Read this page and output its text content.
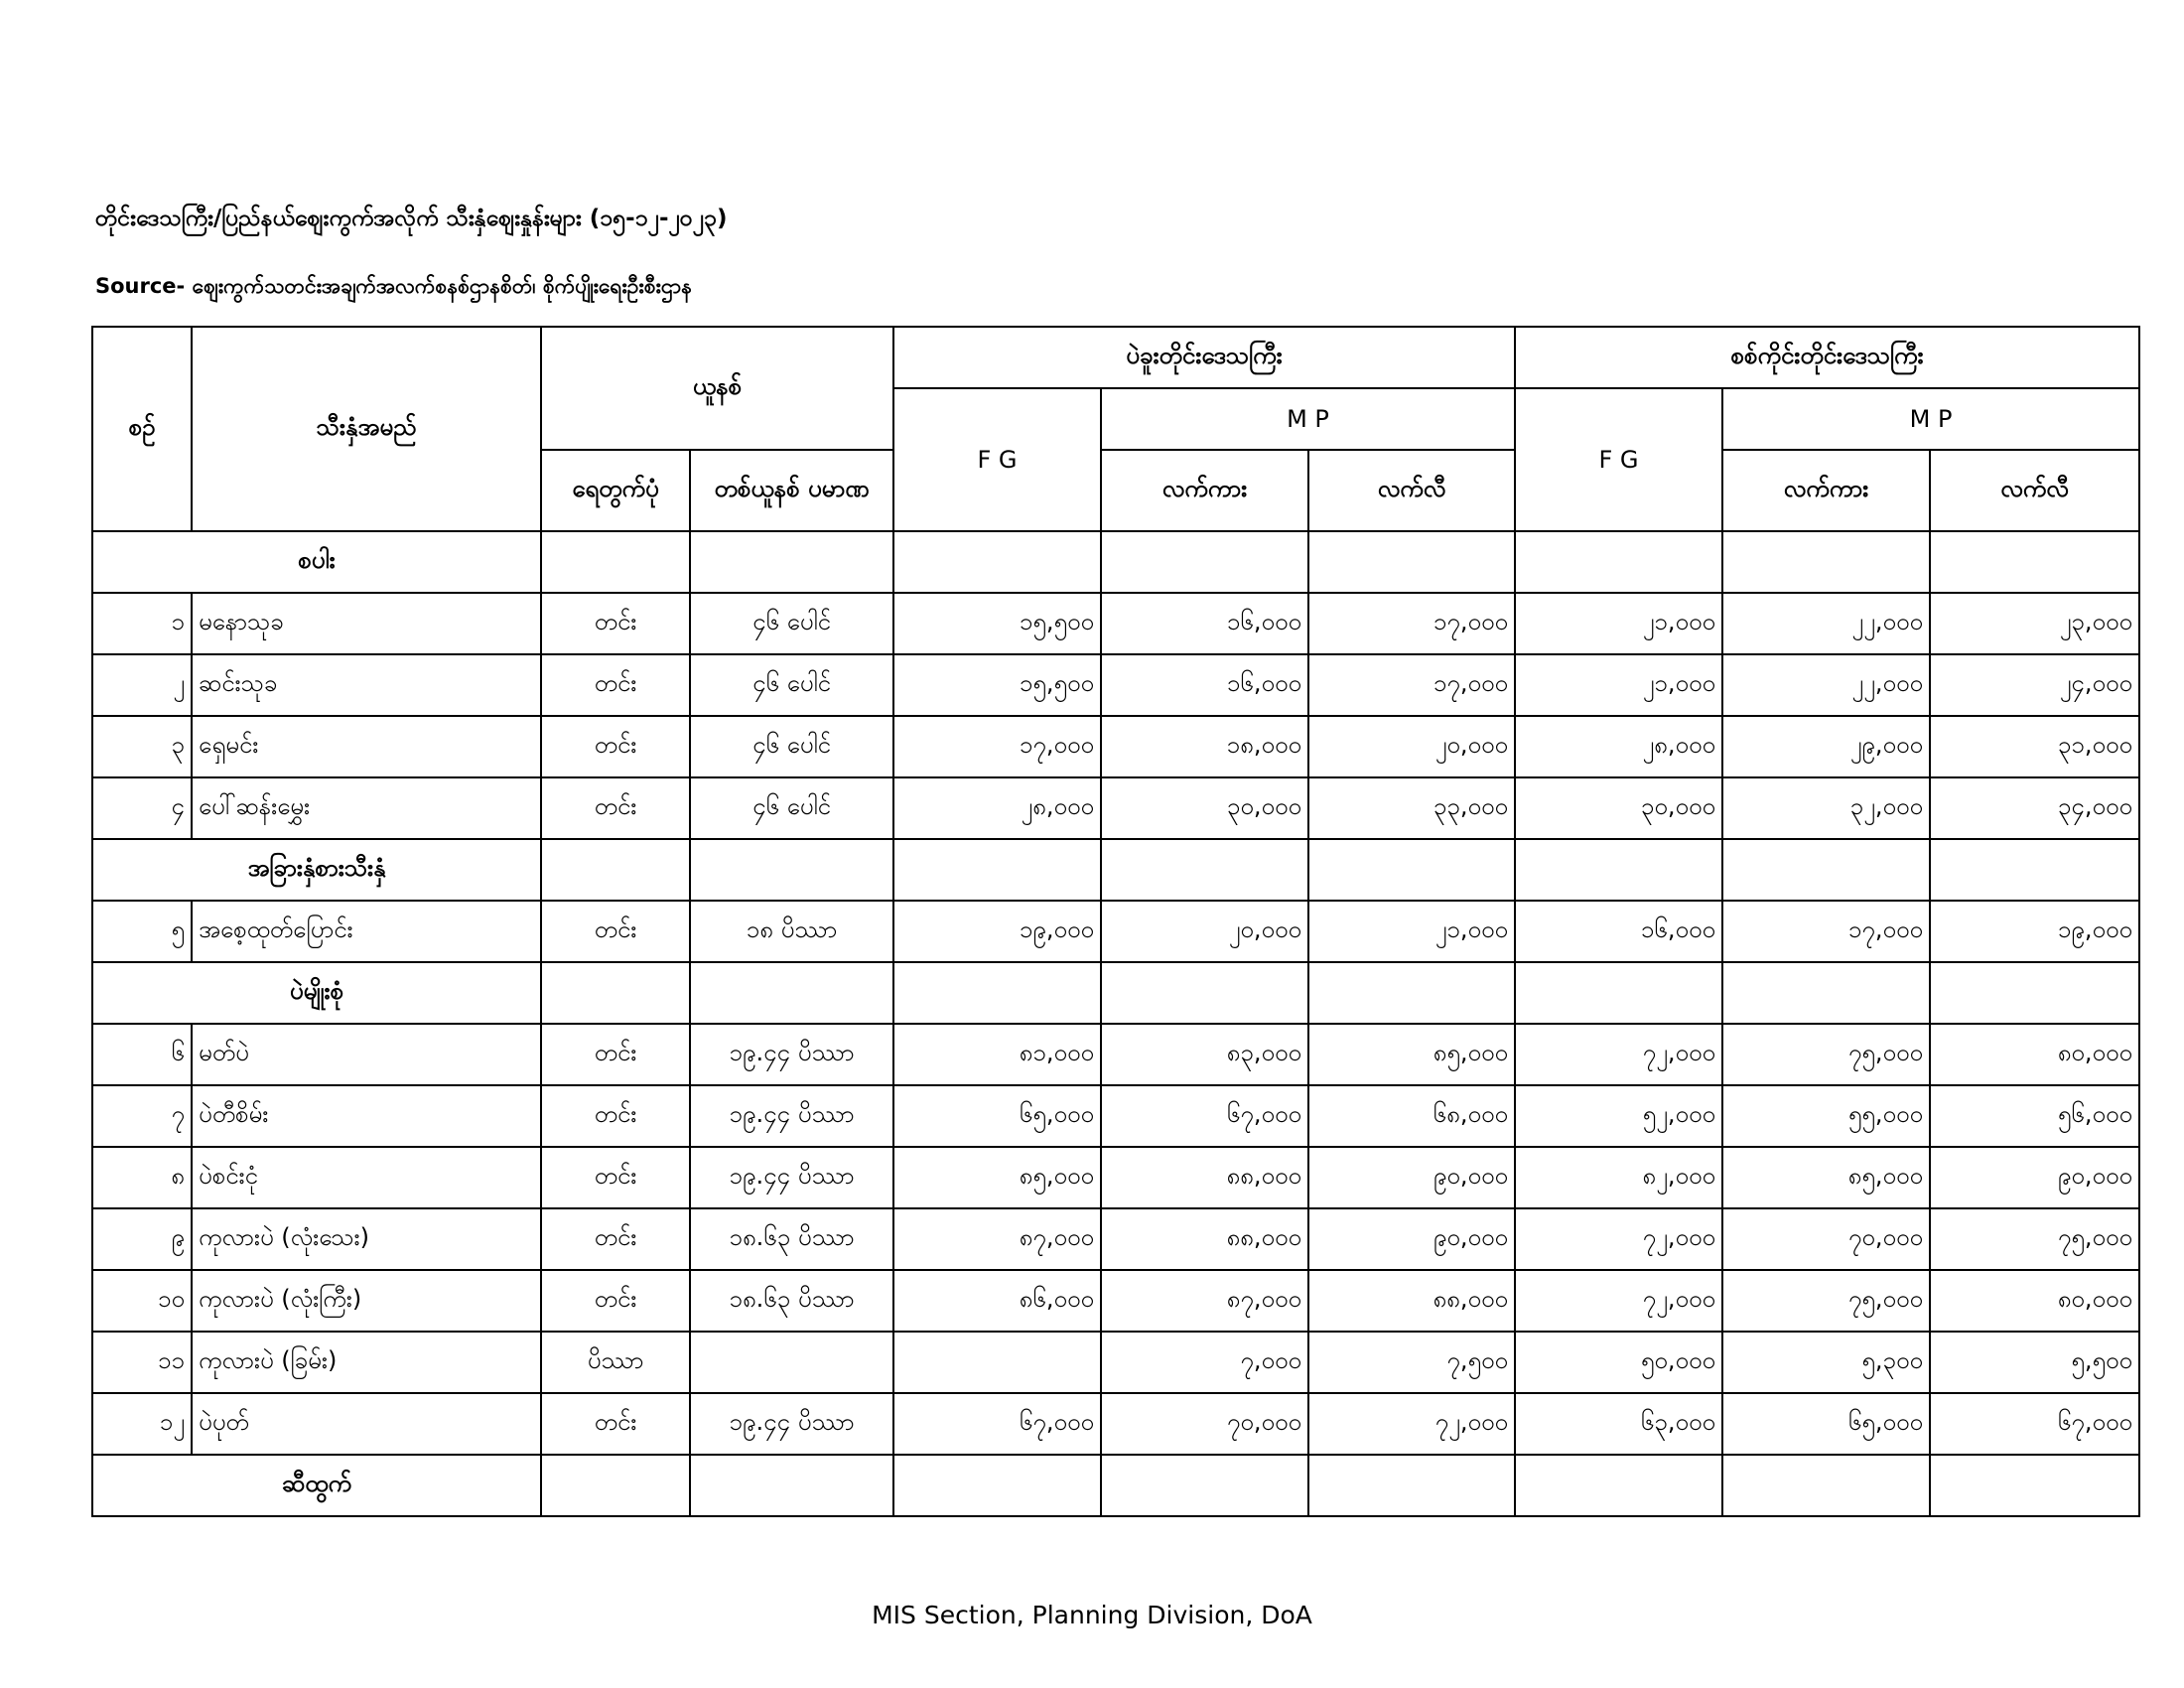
တိုင်းဒေသကြီး/ပြည်နယ်ဈေးကွက်အလိုက် သီးနှံဈေးနှုန်းများ (၁၅-၁၂-၂၀၂၃)
Source- ဈေးကွက်သတင်းအချက်အလက်စနစ်ဌာနစိတ်၊ စိုက်ပျိုးရေးဦးစီးဌာန
စဉ်	သီးနှံအမည်	ယူနစ်		ပဲခူးတိုင်းဒေသကြီး			စစ်ကိုင်းတိုင်းဒေသကြီး		
				F G	M P		F G	M P	
		ရေတွက်ပုံ	တစ်ယူနစ် ပမာဏ		လက်ကား	လက်လီ		လက်ကား	လက်လီ
စပါး									
၁	မနောသုခ	တင်း	၄၆ ပေါင်	၁၅,၅၀၀	၁၆,၀၀၀	၁၇,၀၀၀	၂၁,၀၀၀	၂၂,၀၀၀	၂၃,၀၀၀
၂	ဆင်းသုခ	တင်း	၄၆ ပေါင်	၁၅,၅၀၀	၁၆,၀၀၀	၁၇,၀၀၀	၂၁,၀၀၀	၂၂,၀၀၀	၂၄,၀၀၀
၃	ရှေမင်း	တင်း	၄၆ ပေါင်	၁၇,၀၀၀	၁၈,၀၀၀	၂၀,၀၀၀	၂၈,၀၀၀	၂၉,၀၀၀	၃၁,၀၀၀
၄	ပေါ်ဆန်းမွှေး	တင်း	၄၆ ပေါင်	၂၈,၀၀၀	၃၀,၀၀၀	၃၃,၀၀၀	၃၀,၀၀၀	၃၂,၀၀၀	၃၄,၀၀၀
အခြားနှံစားသီးနှံ									
၅	အစေ့ထုတ်ပြောင်း	တင်း	၁၈ ပိဿာ	၁၉,၀၀၀	၂၀,၀၀၀	၂၁,၀၀၀	၁၆,၀၀၀	၁၇,၀၀၀	၁၉,၀၀၀
ပဲမျိုးစုံ									
၆	မတ်ပဲ	တင်း	၁၉.၄၄ ပိဿာ	၈၁,၀၀၀	၈၃,၀၀၀	၈၅,၀၀၀	၇၂,၀၀၀	၇၅,၀၀၀	၈၀,၀၀၀
၇	ပဲတီစိမ်း	တင်း	၁၉.၄၄ ပိဿာ	၆၅,၀၀၀	၆၇,၀၀၀	၆၈,၀၀၀	၅၂,၀၀၀	၅၅,၀၀၀	၅၆,၀၀၀
၈	ပဲစင်းငုံ	တင်း	၁၉.၄၄ ပိဿာ	၈၅,၀၀၀	၈၈,၀၀၀	၉၀,၀၀၀	၈၂,၀၀၀	၈၅,၀၀၀	၉၀,၀၀၀
၉	ကုလားပဲ (လုံးသေး)	တင်း	၁၈.၆၃ ပိဿာ	၈၇,၀၀၀	၈၈,၀၀၀	၉၀,၀၀၀	၇၂,၀၀၀	၇၀,၀၀၀	၇၅,၀၀၀
၁၀	ကုလားပဲ (လုံးကြီး)	တင်း	၁၈.၆၃ ပိဿာ	၈၆,၀၀၀	၈၇,၀၀၀	၈၈,၀၀၀	၇၂,၀၀၀	၇၅,၀၀၀	၈၀,၀၀၀
၁၁	ကုလားပဲ (ခြမ်း)	ပိဿာ			၇,၀၀၀	၇,၅၀၀	၅၀,၀၀၀	၅,၃၀၀	၅,၅၀၀
၁၂	ပဲပုတ်	တင်း	၁၉.၄၄ ပိဿာ	၆၇,၀၀၀	၇၀,၀၀၀	၇၂,၀၀၀	၆၃,၀၀၀	၆၅,၀၀၀	၆၇,၀၀၀
ဆီထွက်									
MIS Section, Planning Division, DoA
